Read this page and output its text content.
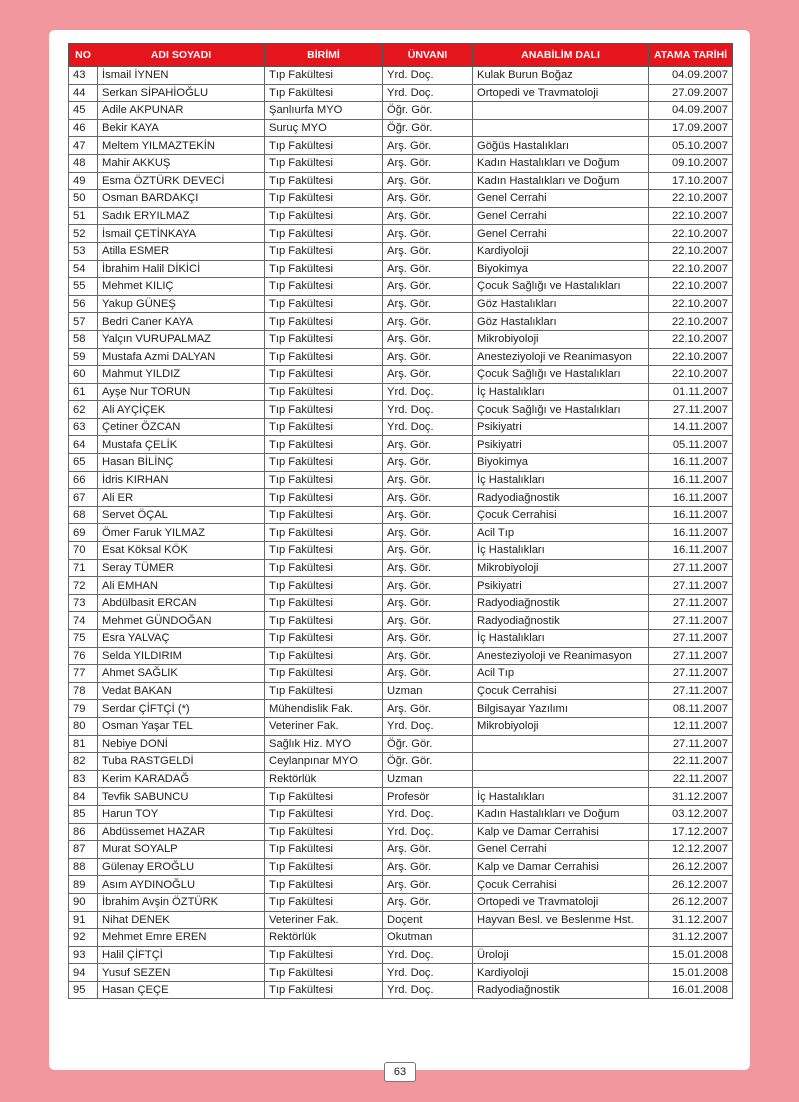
NO	ADI SOYADI	BİRİMİ	ÜNVANI	ANABİLİM DALI	ATAMA TARİHİ
43	İsmail İYNEN	Tıp Fakültesi	Yrd. Doç.	Kulak Burun Boğaz	04.09.2007
44	Serkan SİPAHİOĞLU	Tıp Fakültesi	Yrd. Doç.	Ortopedi ve Travmatoloji	27.09.2007
45	Adile AKPUNAR	Şanlıurfa MYO	Öğr. Gör.		04.09.2007
46	Bekir KAYA	Suruç MYO	Öğr. Gör.		17.09.2007
47	Meltem YILMAZTEKİN	Tıp Fakültesi	Arş. Gör.	Göğüs Hastalıkları	05.10.2007
48	Mahir AKKUŞ	Tıp Fakültesi	Arş. Gör.	Kadın Hastalıkları ve Doğum	09.10.2007
49	Esma ÖZTÜRK DEVECİ	Tıp Fakültesi	Arş. Gör.	Kadın Hastalıkları ve Doğum	17.10.2007
50	Osman BARDAKÇI	Tıp Fakültesi	Arş. Gör.	Genel Cerrahi	22.10.2007
51	Sadık ERYILMAZ	Tıp Fakültesi	Arş. Gör.	Genel Cerrahi	22.10.2007
52	İsmail ÇETİNKAYA	Tıp Fakültesi	Arş. Gör.	Genel Cerrahi	22.10.2007
53	Atilla ESMER	Tıp Fakültesi	Arş. Gör.	Kardiyoloji	22.10.2007
54	İbrahim Halil DİKİCİ	Tıp Fakültesi	Arş. Gör.	Biyokimya	22.10.2007
55	Mehmet KILIÇ	Tıp Fakültesi	Arş. Gör.	Çocuk Sağlığı ve Hastalıkları	22.10.2007
56	Yakup GÜNEŞ	Tıp Fakültesi	Arş. Gör.	Göz Hastalıkları	22.10.2007
57	Bedri Caner KAYA	Tıp Fakültesi	Arş. Gör.	Göz Hastalıkları	22.10.2007
58	Yalçın VURUPALMAZ	Tıp Fakültesi	Arş. Gör.	Mikrobiyoloji	22.10.2007
59	Mustafa Azmi DALYAN	Tıp Fakültesi	Arş. Gör.	Anesteziyoloji ve Reanimasyon	22.10.2007
60	Mahmut YILDIZ	Tıp Fakültesi	Arş. Gör.	Çocuk Sağlığı ve Hastalıkları	22.10.2007
61	Ayşe Nur TORUN	Tıp Fakültesi	Yrd. Doç.	İç Hastalıkları	01.11.2007
62	Ali AYÇİÇEK	Tıp Fakültesi	Yrd. Doç.	Çocuk Sağlığı ve Hastalıkları	27.11.2007
63	Çetiner ÖZCAN	Tıp Fakültesi	Yrd. Doç.	Psikiyatri	14.11.2007
64	Mustafa ÇELİK	Tıp Fakültesi	Arş. Gör.	Psikiyatri	05.11.2007
65	Hasan BİLİNÇ	Tıp Fakültesi	Arş. Gör.	Biyokimya	16.11.2007
66	İdris KIRHAN	Tıp Fakültesi	Arş. Gör.	İç Hastalıkları	16.11.2007
67	Ali ER	Tıp Fakültesi	Arş. Gör.	Radyodiağnostik	16.11.2007
68	Servet ÖÇAL	Tıp Fakültesi	Arş. Gör.	Çocuk Cerrahisi	16.11.2007
69	Ömer Faruk YILMAZ	Tıp Fakültesi	Arş. Gör.	Acil Tıp	16.11.2007
70	Esat Köksal KÖK	Tıp Fakültesi	Arş. Gör.	İç Hastalıkları	16.11.2007
71	Seray TÜMER	Tıp Fakültesi	Arş. Gör.	Mikrobiyoloji	27.11.2007
72	Ali EMHAN	Tıp Fakültesi	Arş. Gör.	Psikiyatri	27.11.2007
73	Abdülbasit ERCAN	Tıp Fakültesi	Arş. Gör.	Radyodiağnostik	27.11.2007
74	Mehmet GÜNDOĞAN	Tıp Fakültesi	Arş. Gör.	Radyodiağnostik	27.11.2007
75	Esra YALVAÇ	Tıp Fakültesi	Arş. Gör.	İç Hastalıkları	27.11.2007
76	Selda YILDIRIM	Tıp Fakültesi	Arş. Gör.	Anesteziyoloji ve Reanimasyon	27.11.2007
77	Ahmet SAĞLIK	Tıp Fakültesi	Arş. Gör.	Acil Tıp	27.11.2007
78	Vedat BAKAN	Tıp Fakültesi	Uzman	Çocuk Cerrahisi	27.11.2007
79	Serdar ÇİFTÇİ (*)	Mühendislik Fak.	Arş. Gör.	Bilgisayar Yazılımı	08.11.2007
80	Osman Yaşar TEL	Veteriner Fak.	Yrd. Doç.	Mikrobiyoloji	12.11.2007
81	Nebiye DONİ	Sağlık Hiz. MYO	Öğr. Gör.		27.11.2007
82	Tuba RASTGELDİ	Ceylanpınar MYO	Öğr. Gör.		22.11.2007
83	Kerim KARADAĞ	Rektörlük	Uzman		22.11.2007
84	Tevfik SABUNCU	Tıp Fakültesi	Profesör	İç Hastalıkları	31.12.2007
85	Harun TOY	Tıp Fakültesi	Yrd. Doç.	Kadın Hastalıkları ve Doğum	03.12.2007
86	Abdüssemet HAZAR	Tıp Fakültesi	Yrd. Doç.	Kalp ve Damar Cerrahisi	17.12.2007
87	Murat SOYALP	Tıp Fakültesi	Arş. Gör.	Genel Cerrahi	12.12.2007
88	Gülenay EROĞLU	Tıp Fakültesi	Arş. Gör.	Kalp ve Damar Cerrahisi	26.12.2007
89	Asım AYDINOĞLU	Tıp Fakültesi	Arş. Gör.	Çocuk Cerrahisi	26.12.2007
90	İbrahim Avşin ÖZTÜRK	Tıp Fakültesi	Arş. Gör.	Ortopedi ve Travmatoloji	26.12.2007
91	Nihat DENEK	Veteriner Fak.	Doçent	Hayvan Besl. ve Beslenme Hst.	31.12.2007
92	Mehmet Emre EREN	Rektörlük	Okutman		31.12.2007
93	Halil ÇİFTÇİ	Tıp Fakültesi	Yrd. Doç.	Üroloji	15.01.2008
94	Yusuf SEZEN	Tıp Fakültesi	Yrd. Doç.	Kardiyoloji	15.01.2008
95	Hasan ÇEÇE	Tıp Fakültesi	Yrd. Doç.	Radyodiağnostik	16.01.2008
63
